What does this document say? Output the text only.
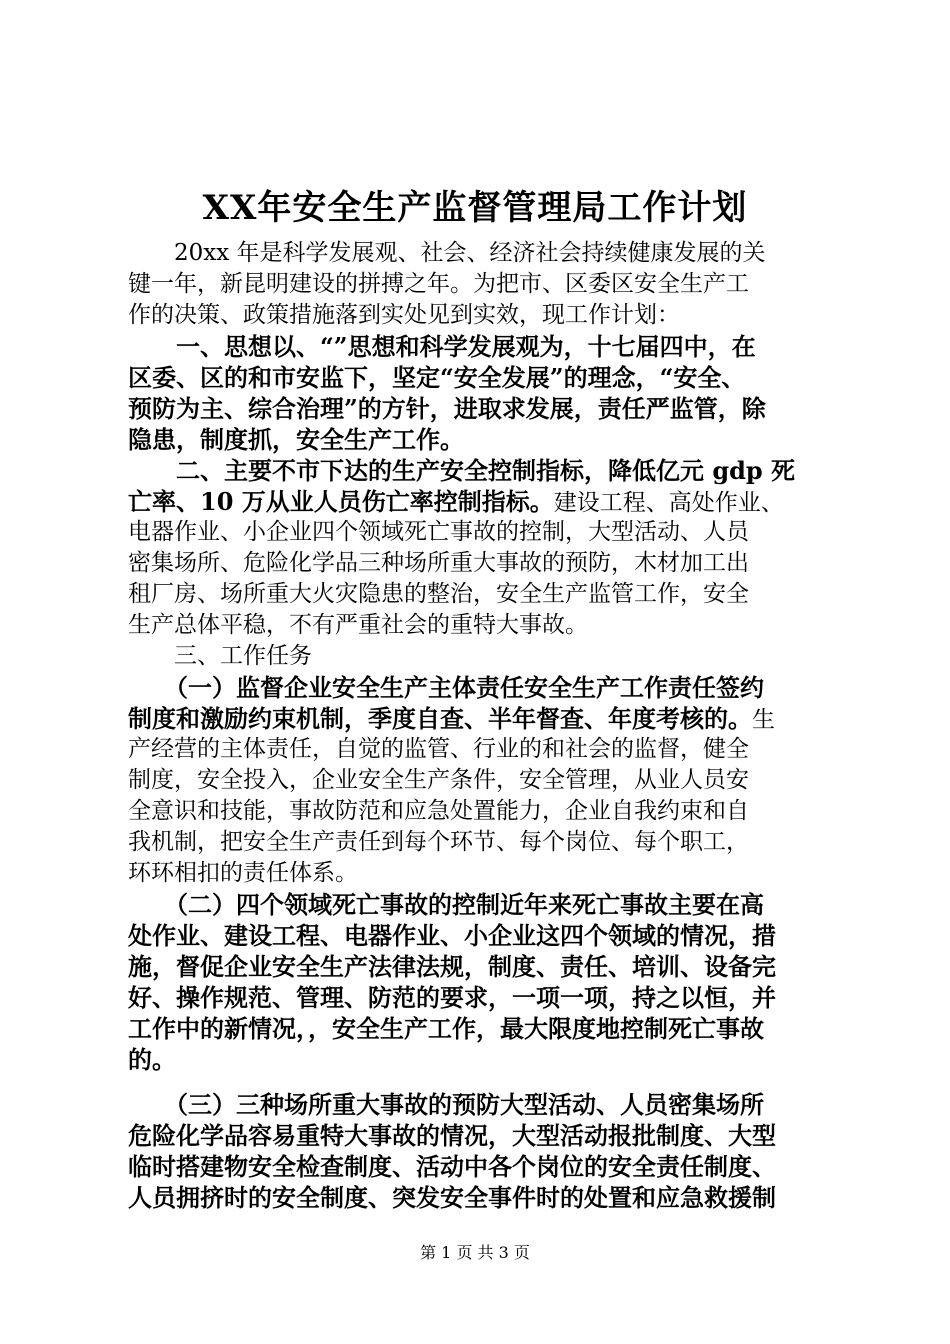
XX年安全生产监督管理局工作计划
　　20xx 年是科学发展观、社会、经济社会持续健康发展的关
键一年，新昆明建设的拼搏之年。为把市、区委区安全生产工
作的决策、政策措施落到实处见到实效，现工作计划：
　　一、思想以、“”思想和科学发展观为，十七届四中，在
区委、区的和市安监下，坚定“安全发展”的理念，“安全、
预防为主、综合治理”的方针，进取求发展，责任严监管，除
隐患，制度抓，安全生产工作。
　　二、主要不市下达的生产安全控制指标，降低亿元 gdp 死
亡率、10 万从业人员伤亡率控制指标。建设工程、高处作业、
电器作业、小企业四个领域死亡事故的控制，大型活动、人员
密集场所、危险化学品三种场所重大事故的预防，木材加工出
租厂房、场所重大火灾隐患的整治，安全生产监管工作，安全
生产总体平稳，不有严重社会的重特大事故。
　　三、工作任务
　　（一）监督企业安全生产主体责任安全生产工作责任签约
制度和激励约束机制，季度自查、半年督查、年度考核的。生
产经营的主体责任，自觉的监管、行业的和社会的监督，健全
制度，安全投入，企业安全生产条件，安全管理，从业人员安
全意识和技能，事故防范和应急处置能力，企业自我约束和自
我机制，把安全生产责任到每个环节、每个岗位、每个职工，
环环相扣的责任体系。
　　（二）四个领域死亡事故的控制近年来死亡事故主要在高
处作业、建设工程、电器作业、小企业这四个领域的情况，措
施，督促企业安全生产法律法规，制度、责任、培训、设备完
好、操作规范、管理、防范的要求，一项一项，持之以恒，并
工作中的新情况，，安全生产工作，最大限度地控制死亡事故
的。
　　（三）三种场所重大事故的预防大型活动、人员密集场所
危险化学品容易重特大事故的情况，大型活动报批制度、大型
临时搭建物安全检查制度、活动中各个岗位的安全责任制度、
人员拥挤时的安全制度、突发安全事件时的处置和应急救援制
第 1 页 共 3 页
